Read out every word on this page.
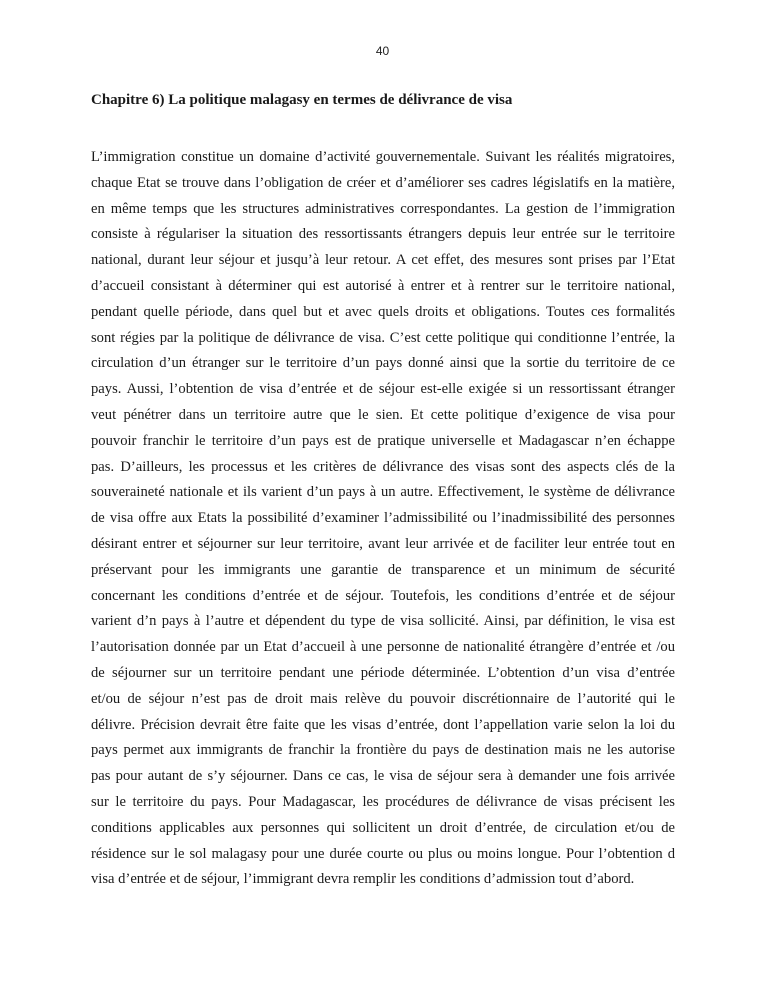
40
Chapitre 6) La politique malagasy en termes de délivrance de visa
L’immigration constitue un domaine d’activité gouvernementale. Suivant les réalités migratoires,
chaque Etat se trouve dans l’obligation de créer et d’améliorer ses cadres législatifs en la matière,
en même temps que les structures administratives correspondantes. La gestion de l’immigration
consiste à régulariser la situation des ressortissants étrangers depuis leur entrée sur le territoire
national, durant leur séjour et jusqu’à leur retour. A cet effet, des mesures sont prises par l’Etat
d’accueil consistant à déterminer qui est autorisé à entrer et à rentrer sur le territoire national,
pendant quelle période, dans quel but et avec quels droits et obligations. Toutes ces formalités
sont régies par la politique de délivrance de visa. C’est cette politique qui conditionne l’entrée, la
circulation d’un étranger sur le territoire d’un pays donné ainsi que la sortie du territoire de ce
pays. Aussi, l’obtention de visa d’entrée et de séjour est-elle exigée si un ressortissant étranger
veut pénétrer dans un territoire autre que le sien. Et cette politique d’exigence de visa pour
pouvoir franchir le territoire d’un pays est de pratique universelle et Madagascar n’en échappe
pas. D’ailleurs, les processus et les critères de délivrance des visas sont des aspects clés de la
souveraineté nationale et ils varient d’un pays à un autre. Effectivement, le système de délivrance
de visa offre aux Etats la possibilité d’examiner l’admissibilité ou l’inadmissibilité des personnes
désirant entrer et séjourner sur leur territoire, avant leur arrivée et de faciliter leur entrée tout en
préservant pour les immigrants une garantie de transparence et un minimum de sécurité
concernant les conditions d’entrée et de séjour. Toutefois, les conditions d’entrée et de séjour
varient d’n pays à l’autre et dépendent du type de visa sollicité. Ainsi, par définition, le visa est
l’autorisation donnée par un Etat d’accueil à une personne de nationalité étrangère d’entrée et /ou
de séjourner sur un territoire pendant une période déterminée. L’obtention d’un visa d’entrée
et/ou de séjour n’est pas de droit mais relève du pouvoir discrétionnaire de l’autorité qui le
délivre. Précision devrait être faite que les visas d’entrée, dont l’appellation varie selon la loi du
pays permet aux immigrants de franchir la frontière du pays de destination mais ne les autorise
pas pour autant de s’y séjourner. Dans ce cas, le visa de séjour sera à demander une fois arrivée
sur le territoire du pays. Pour Madagascar, les procédures de délivrance de visas précisent les
conditions applicables aux personnes qui sollicitent un droit d’entrée, de circulation et/ou de
résidence sur le sol malagasy pour une durée courte ou plus ou moins longue. Pour l’obtention d
visa d’entrée et de séjour, l’immigrant devra remplir les conditions d’admission tout d’abord.
